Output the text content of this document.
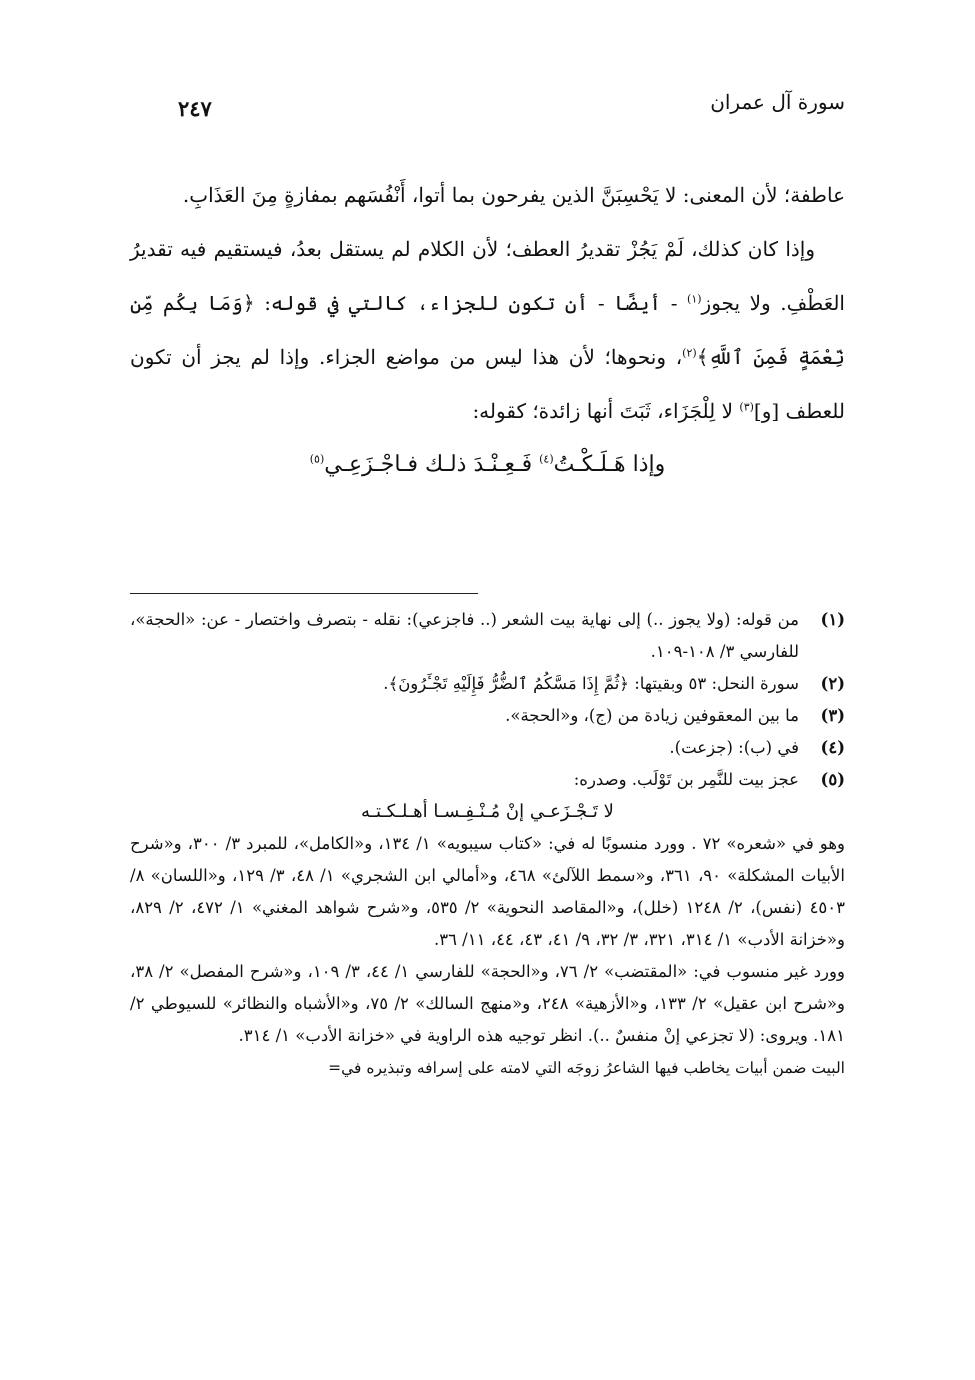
سورة آل عمران
٢٤٧

عاطفة؛ لأن المعنى: لا يَحْسِبَنَّ الذين يفرحون بما أتوا، أَنْفُسَهم بمفازةٍ مِنَ العَذَابِ.

وإذا كان كذلك، لَمْ يَجُزْ تقديرُ العطف؛ لأن الكلام لم يستقل بعدُ، فيستقيم فيه تقديرُ العَطْفِ. ولا يجوز$^{(١)}$ - أيضًا - أن تكون للجزاء، كالتي في قوله: ﴿وَمَا بِكُم مِّن نِّعْمَةٍ فَمِنَ ٱللَّهِ﴾$^{(٢)}$، ونحوها؛ لأن هذا ليس من مواضع الجزاء. وإذا لم يجز أن تكون للعطف [و]$^{(٣)}$ لا لِلْجَزَاء، ثَبَتَ أنها زائدة؛ كقوله:

وإذا هَـلَـكْـتُ$^{(٤)}$ فَـعِـنْـدَ ذلـك فـاجْـزَعِـي$^{(٥)}$

(١)
من قوله: (ولا يجوز ..) إلى نهاية بيت الشعر (.. فاجزعي): نقله - بتصرف واختصار - عن: «الحجة»، للفارسي ٣/ ١٠٨-١٠٩.
(٢)
سورة النحل: ٥٣ وبقيتها: ﴿ثُمَّ إِذَا مَسَّكُمُ ٱلضُّرُّ فَإِلَيْهِ تَجْـَٔرُونَ﴾.
(٣)
ما بين المعقوفين زيادة من (ج)، و«الحجة».
(٤)
في (ب): (جزعت).
(٥)
عجز بيت للنَّمِر بن تَوْلَب. وصدره:
لا تَـجْـزَعـي إنْ مُـنْـفِـسـا أهـلـكـتـه

وهو في «شعره» ٧٢ . وورد منسوبًا له في: «كتاب سيبويه» ١/ ١٣٤، و«الكامل»، للمبرد ٣/ ٣٠٠، و«شرح الأبيات المشكلة» ٩٠، ٣٦١، و«سمط اللآلئ» ٤٦٨، و«أمالي ابن الشجري» ١/ ٤٨، ٣/ ١٢٩، و«اللسان» ٨/ ٤٥٠٣ (نفس)، ٢/ ١٢٤٨ (خلل)، و«المقاصد النحوية» ٢/ ٥٣٥، و«شرح شواهد المغني» ١/ ٤٧٢، ٢/ ٨٢٩، و«خزانة الأدب» ١/ ٣١٤، ٣٢١، ٣/ ٣٢، ٩/ ٤١، ٤٣، ٤٤، ١١/ ٣٦.

وورد غير منسوب في: «المقتضب» ٢/ ٧٦، و«الحجة» للفارسي ١/ ٤٤، ٣/ ١٠٩، و«شرح المفصل» ٢/ ٣٨، و«شرح ابن عقيل» ٢/ ١٣٣، و«الأزهية» ٢٤٨، و«منهج السالك» ٢/ ٧٥، و«الأشباه والنظائر» للسيوطي ٢/ ١٨١. ويروى: (لا تجزعي إنْ منفسٌ ..). انظر توجيه هذه الراوية في «خزانة الأدب» ١/ ٣١٤.

البيت ضمن أبيات يخاطب فيها الشاعرُ زوجَه التي لامته على إسرافه وتبذيره في=
